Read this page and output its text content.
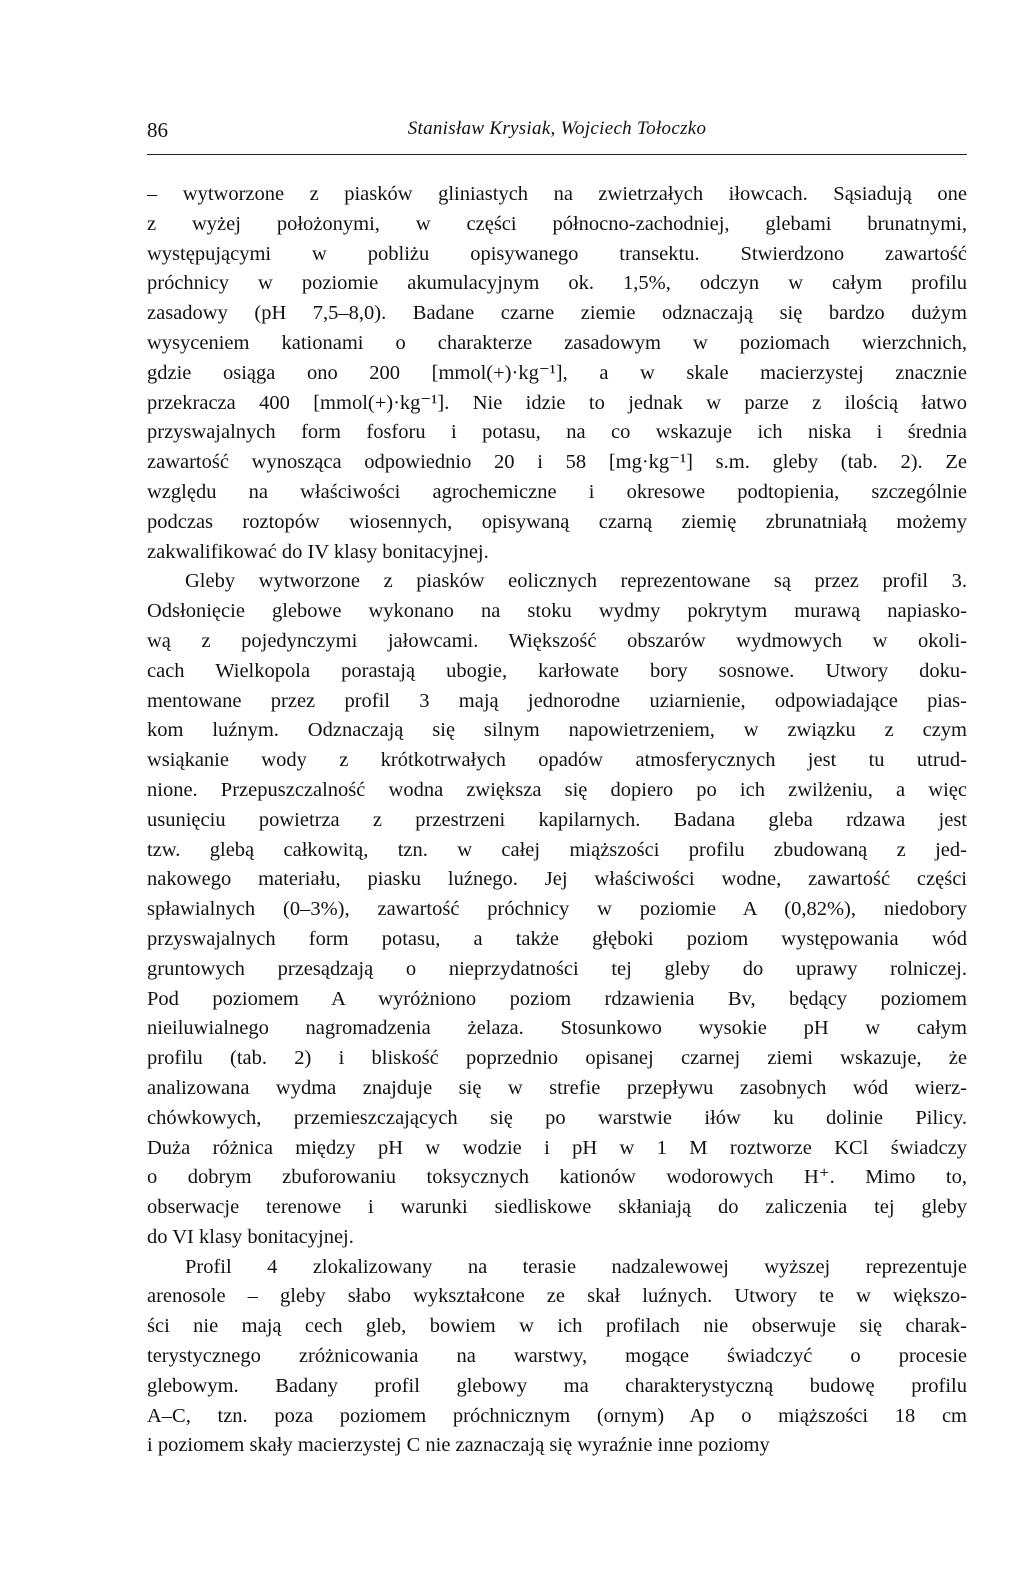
86	Stanisław Krysiak, Wojciech Tołoczko
– wytworzone z piasków gliniastych na zwietrzałych iłowcach. Sąsiadują one
z wyżej położonymi, w części północno-zachodniej, glebami brunatnymi,
występującymi w pobliżu opisywanego transektu. Stwierdzono zawartość
próchnicy w poziomie akumulacyjnym ok. 1,5%, odczyn w całym profilu
zasadowy (pH 7,5–8,0). Badane czarne ziemie odznaczają się bardzo dużym
wysyceniem kationami o charakterze zasadowym w poziomach wierzchnich,
gdzie osiąga ono 200 [mmol(+)·kg⁻¹], a w skale macierzystej znacznie
przekracza 400 [mmol(+)·kg⁻¹]. Nie idzie to jednak w parze z ilością łatwo
przyswajalnych form fosforu i potasu, na co wskazuje ich niska i średnia
zawartość wynosząca odpowiednio 20 i 58 [mg·kg⁻¹] s.m. gleby (tab. 2). Ze
względu na właściwości agrochemiczne i okresowe podtopienia, szczególnie
podczas roztopów wiosennych, opisywaną czarną ziemię zbrunatniałą możemy
zakwalifikować do IV klasy bonitacyjnej.
Gleby wytworzone z piasków eolicznych reprezentowane są przez profil 3.
Odsłonięcie glebowe wykonano na stoku wydmy pokrytym murawą napiasko-
wą z pojedynczymi jałowcami. Większość obszarów wydmowych w okoli-
cach Wielkopola porastają ubogie, karłowate bory sosnowe. Utwory doku-
mentowane przez profil 3 mają jednorodne uziarnienie, odpowiadające pias-
kom luźnym. Odznaczają się silnym napowietrzeniem, w związku z czym
wsiąkanie wody z krótkotrwałych opadów atmosferycznych jest tu utrud-
nione. Przepuszczalność wodna zwiększa się dopiero po ich zwilżeniu, a więc
usunięciu powietrza z przestrzeni kapilarnych. Badana gleba rdzawa jest
tzw. glebą całkowitą, tzn. w całej miąższości profilu zbudowaną z jed-
nakowego materiału, piasku luźnego. Jej właściwości wodne, zawartość części
spławialnych (0–3%), zawartość próchnicy w poziomie A (0,82%), niedobory
przyswajalnych form potasu, a także głęboki poziom występowania wód
gruntowych przesądzają o nieprzydatności tej gleby do uprawy rolniczej.
Pod poziomem A wyróżniono poziom rdzawienia Bv, będący poziomem
nieiluwialnego nagromadzenia żelaza. Stosunkowo wysokie pH w całym
profilu (tab. 2) i bliskość poprzednio opisanej czarnej ziemi wskazuje, że
analizowana wydma znajduje się w strefie przepływu zasobnych wód wierz-
chówkowych, przemieszczających się po warstwie iłów ku dolinie Pilicy.
Duża różnica między pH w wodzie i pH w 1 M roztworze KCl świadczy
o dobrym zbuforowaniu toksycznych kationów wodorowych H⁺. Mimo to,
obserwacje terenowe i warunki siedliskowe skłaniają do zaliczenia tej gleby
do VI klasy bonitacyjnej.
Profil 4 zlokalizowany na terasie nadzalewowej wyższej reprezentuje
arenosole – gleby słabo wykształcone ze skał luźnych. Utwory te w większo-
ści nie mają cech gleb, bowiem w ich profilach nie obserwuje się charak-
terystycznego zróżnicowania na warstwy, mogące świadczyć o procesie
glebowym. Badany profil glebowy ma charakterystyczną budowę profilu
A–C, tzn. poza poziomem próchnicznym (ornym) Ap o miąższości 18 cm
i poziomem skały macierzystej C nie zaznaczają się wyraźnie inne poziomy
